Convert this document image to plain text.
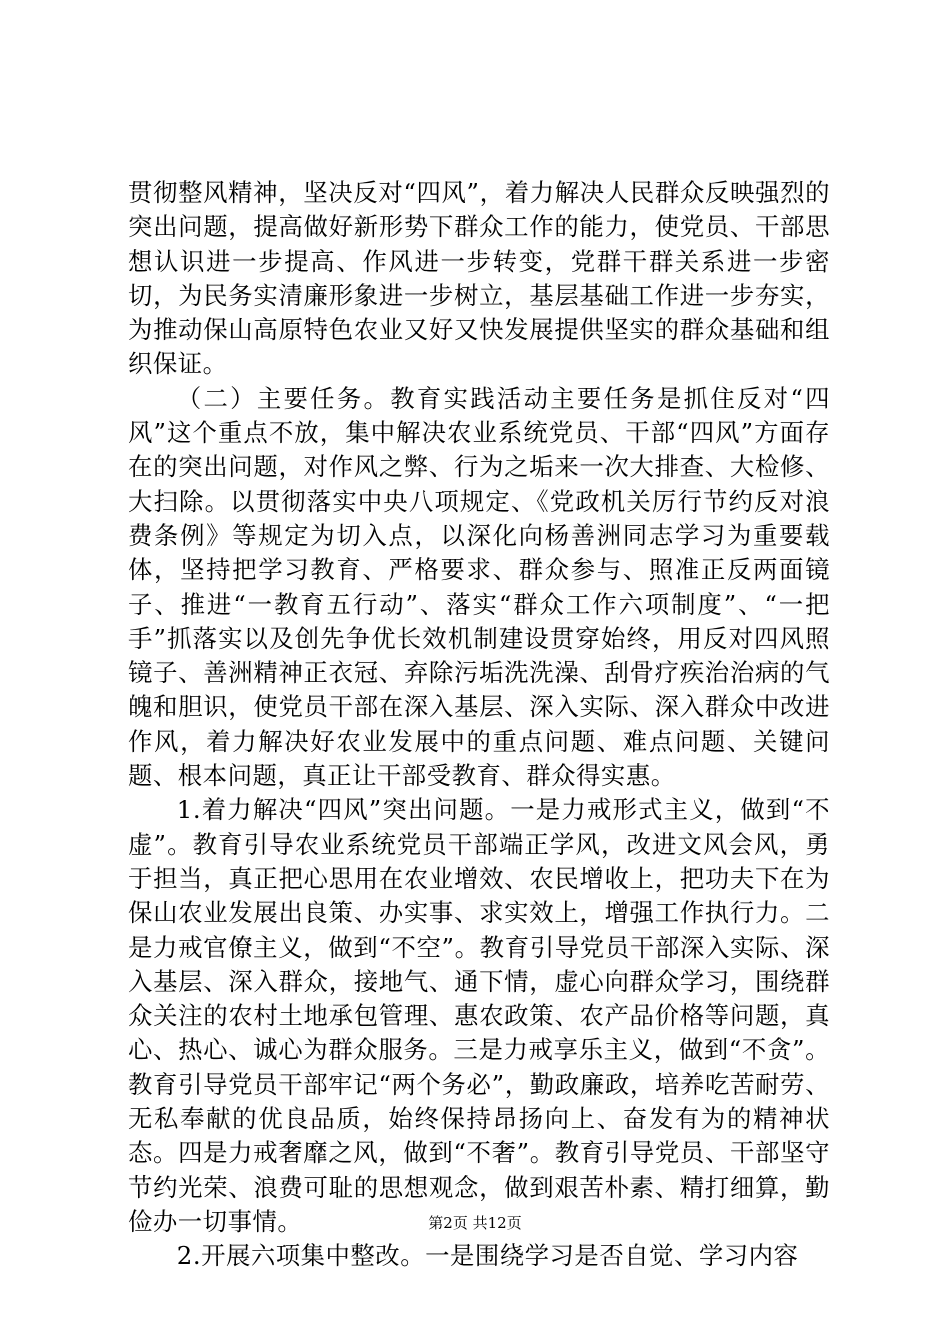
贯彻整风精神，坚决反对“四风”，着力解决人民群众反映强烈的突出问题，提高做好新形势下群众工作的能力，使党员、干部思想认识进一步提高、作风进一步转变，党群干群关系进一步密切，为民务实清廉形象进一步树立，基层基础工作进一步夯实，为推动保山高原特色农业又好又快发展提供坚实的群众基础和组织保证。

（二）主要任务。教育实践活动主要任务是抓住反对“四风”这个重点不放，集中解决农业系统党员、干部“四风”方面存在的突出问题，对作风之弊、行为之垢来一次大排查、大检修、大扫除。以贯彻落实中央八项规定、《党政机关厉行节约反对浪费条例》等规定为切入点，以深化向杨善洲同志学习为重要载体，坚持把学习教育、严格要求、群众参与、照准正反两面镜子、推进“一教育五行动”、落实“群众工作六项制度”、“一把手”抓落实以及创先争优长效机制建设贯穿始终，用反对四风照镜子、善洲精神正衣冠、弃除污垢洗洗澡、刮骨疗疾治治病的气魄和胆识，使党员干部在深入基层、深入实际、深入群众中改进作风，着力解决好农业发展中的重点问题、难点问题、关键问题、根本问题，真正让干部受教育、群众得实惠。

1.着力解决“四风”突出问题。一是力戒形式主义，做到“不虚”。教育引导农业系统党员干部端正学风，改进文风会风，勇于担当，真正把心思用在农业增效、农民增收上，把功夫下在为保山农业发展出良策、办实事、求实效上，增强工作执行力。二是力戒官僚主义，做到“不空”。教育引导党员干部深入实际、深入基层、深入群众，接地气、通下情，虚心向群众学习，围绕群众关注的农村土地承包管理、惠农政策、农产品价格等问题，真心、热心、诚心为群众服务。三是力戒享乐主义，做到“不贪”。教育引导党员干部牢记“两个务必”，勤政廉政，培养吃苦耐劳、无私奉献的优良品质，始终保持昂扬向上、奋发有为的精神状态。四是力戒奢靡之风，做到“不奢”。教育引导党员、干部坚守节约光荣、浪费可耻的思想观念，做到艰苦朴素、精打细算，勤俭办一切事情。

2.开展六项集中整改。一是围绕学习是否自觉、学习内容

第2页 共12页
